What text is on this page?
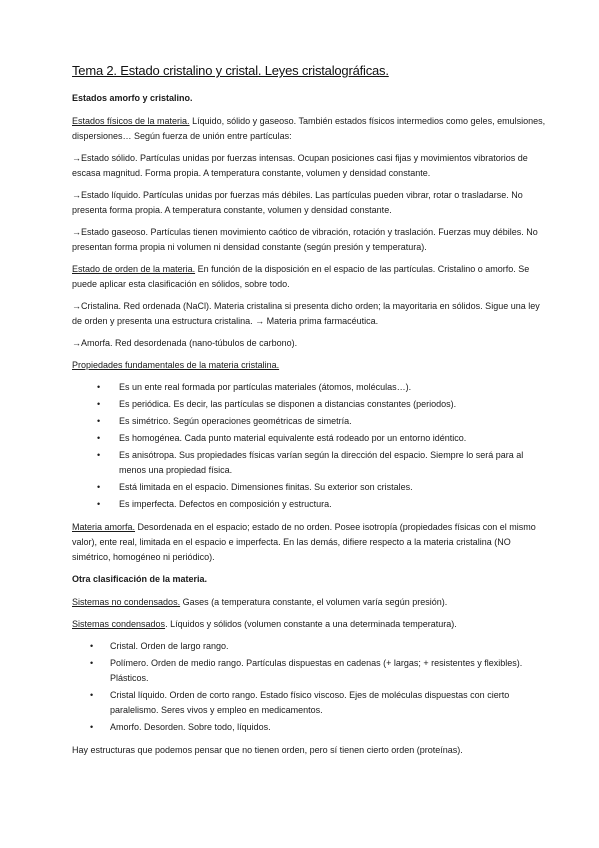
Tema 2. Estado cristalino y cristal. Leyes cristalográficas.

Estados amorfo y cristalino.

Estados físicos de la materia. Líquido, sólido y gaseoso. También estados físicos intermedios como geles, emulsiones, dispersiones… Según fuerza de unión entre partículas:

→Estado sólido. Partículas unidas por fuerzas intensas. Ocupan posiciones casi fijas y movimientos vibratorios de escasa magnitud. Forma propia. A temperatura constante, volumen y densidad constante.

→Estado líquido. Partículas unidas por fuerzas más débiles. Las partículas pueden vibrar, rotar o trasladarse. No presenta forma propia. A temperatura constante, volumen y densidad constante.

→Estado gaseoso. Partículas tienen movimiento caótico de vibración, rotación y traslación. Fuerzas muy débiles. No presentan forma propia ni volumen ni densidad constante (según presión y temperatura).

Estado de orden de la materia. En función de la disposición en el espacio de las partículas. Cristalino o amorfo. Se puede aplicar esta clasificación en sólidos, sobre todo.

→Cristalina. Red ordenada (NaCl). Materia cristalina si presenta dicho orden; la mayoritaria en sólidos. Sigue una ley de orden y presenta una estructura cristalina. → Materia prima farmacéutica.

→Amorfa. Red desordenada (nano-túbulos de carbono).

Propiedades fundamentales de la materia cristalina.

• Es un ente real formada por partículas materiales (átomos, moléculas…).
• Es periódica. Es decir, las partículas se disponen a distancias constantes (periodos).
• Es simétrico. Según operaciones geométricas de simetría.
• Es homogénea. Cada punto material equivalente está rodeado por un entorno idéntico.
• Es anisótropa. Sus propiedades físicas varían según la dirección del espacio. Siempre lo será para al menos una propiedad física.
• Está limitada en el espacio. Dimensiones finitas. Su exterior son cristales.
• Es imperfecta. Defectos en composición y estructura.

Materia amorfa. Desordenada en el espacio; estado de no orden. Posee isotropía (propiedades físicas con el mismo valor), ente real, limitada en el espacio e imperfecta. En las demás, difiere respecto a la materia cristalina (NO simétrico, homogéneo ni periódico).

Otra clasificación de la materia.

Sistemas no condensados. Gases (a temperatura constante, el volumen varía según presión).

Sistemas condensados. Líquidos y sólidos (volumen constante a una determinada temperatura).

• Cristal. Orden de largo rango.
• Polímero. Orden de medio rango. Partículas dispuestas en cadenas (+ largas; + resistentes y flexibles). Plásticos.
• Cristal líquido. Orden de corto rango. Estado físico viscoso. Ejes de moléculas dispuestas con cierto paralelismo. Seres vivos y empleo en medicamentos.
• Amorfo. Desorden. Sobre todo, líquidos.

Hay estructuras que podemos pensar que no tienen orden, pero sí tienen cierto orden (proteínas).
